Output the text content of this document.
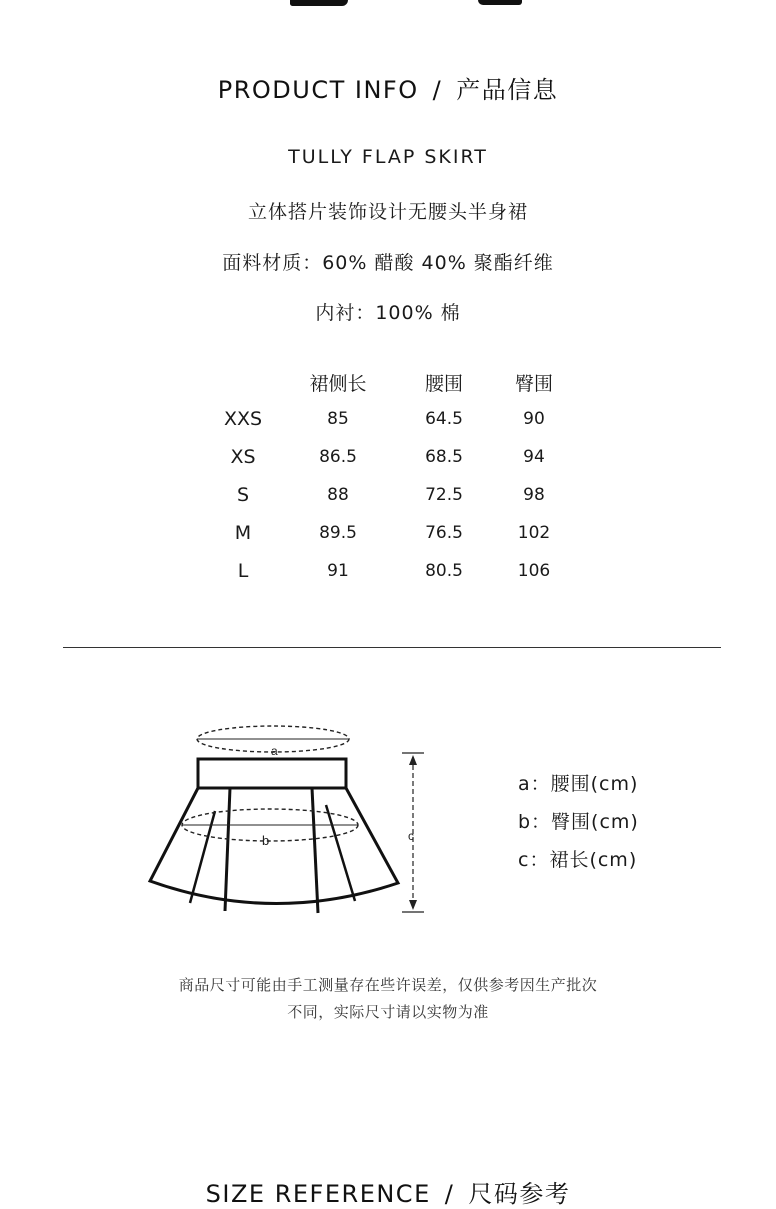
PRODUCT INFO / 产品信息
TULLY FLAP SKIRT
立体搭片装饰设计无腰头半身裙
面料材质：60% 醋酸 40% 聚酯纤维
内衬：100% 棉
	裙侧长	腰围	臀围
XXS	85	64.5	90
XS	86.5	68.5	94
S	88	72.5	98
M	89.5	76.5	102
L	91	80.5	106
a
b	c
a：腰围(cm)
b：臀围(cm)
c：裙长(cm)
商品尺寸可能由手工测量存在些许误差，仅供参考因生产批次
不同，实际尺寸请以实物为准
SIZE REFERENCE / 尺码参考
